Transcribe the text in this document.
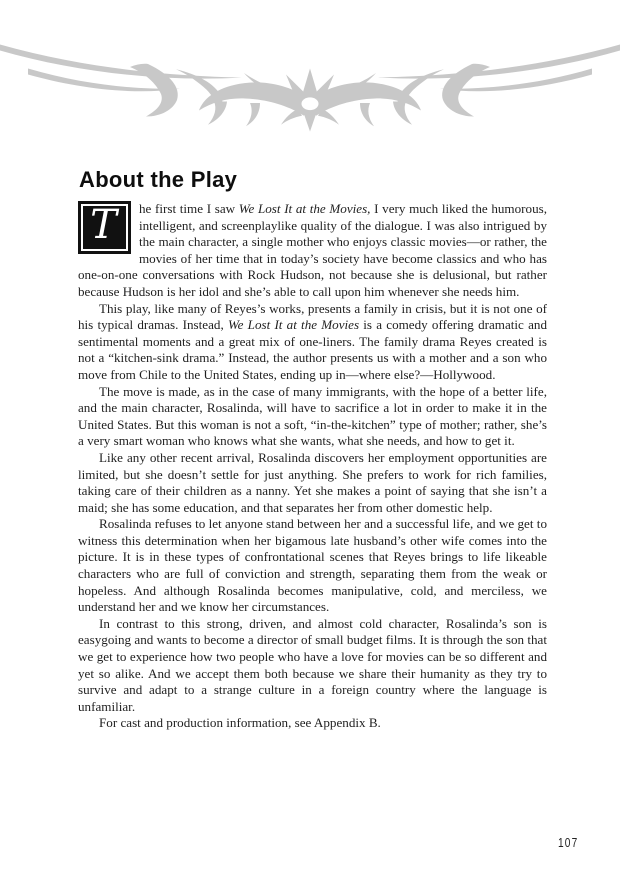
About the Play
T	he first time I saw We Lost It at the Movies, I very much liked the humorous, intelligent, and screenplaylike quality of the dialogue. I was also intrigued by the main character, a single mother who enjoys classic movies—or rather, the movies of her time that in today’s society have become classics and who has one-on-one conversations with Rock Hudson, not because she is delusional, but rather because Hudson is her idol and she’s able to call upon him whenever she needs him.

This play, like many of Reyes’s works, presents a family in crisis, but it is not one of his typical dramas. Instead, We Lost It at the Movies is a comedy offering dramatic and sentimental moments and a great mix of one-liners. The family drama Reyes created is not a “kitchen-sink drama.” Instead, the author presents us with a mother and a son who move from Chile to the United States, ending up in—where else?—Hollywood.

The move is made, as in the case of many immigrants, with the hope of a better life, and the main character, Rosalinda, will have to sacrifice a lot in order to make it in the United States. But this woman is not a soft, “in-the-kitchen” type of mother; rather, she’s a very smart woman who knows what she wants, what she needs, and how to get it.

Like any other recent arrival, Rosalinda discovers her employment opportunities are limited, but she doesn’t settle for just anything. She prefers to work for rich families, taking care of their children as a nanny. Yet she makes a point of saying that she isn’t a maid; she has some education, and that separates her from other domestic help.

Rosalinda refuses to let anyone stand between her and a successful life, and we get to witness this determination when her bigamous late husband’s other wife comes into the picture. It is in these types of confrontational scenes that Reyes brings to life likeable characters who are full of conviction and strength, separating them from the weak or hopeless. And although Rosalinda becomes manipulative, cold, and merciless, we understand her and we know her circumstances.

In contrast to this strong, driven, and almost cold character, Rosalinda’s son is easygoing and wants to become a director of small budget films. It is through the son that we get to experience how two people who have a love for movies can be so different and yet so alike. And we accept them both because we share their humanity as they try to survive and adapt to a strange culture in a foreign country where the language is unfamiliar.

For cast and production information, see Appendix B.

107
